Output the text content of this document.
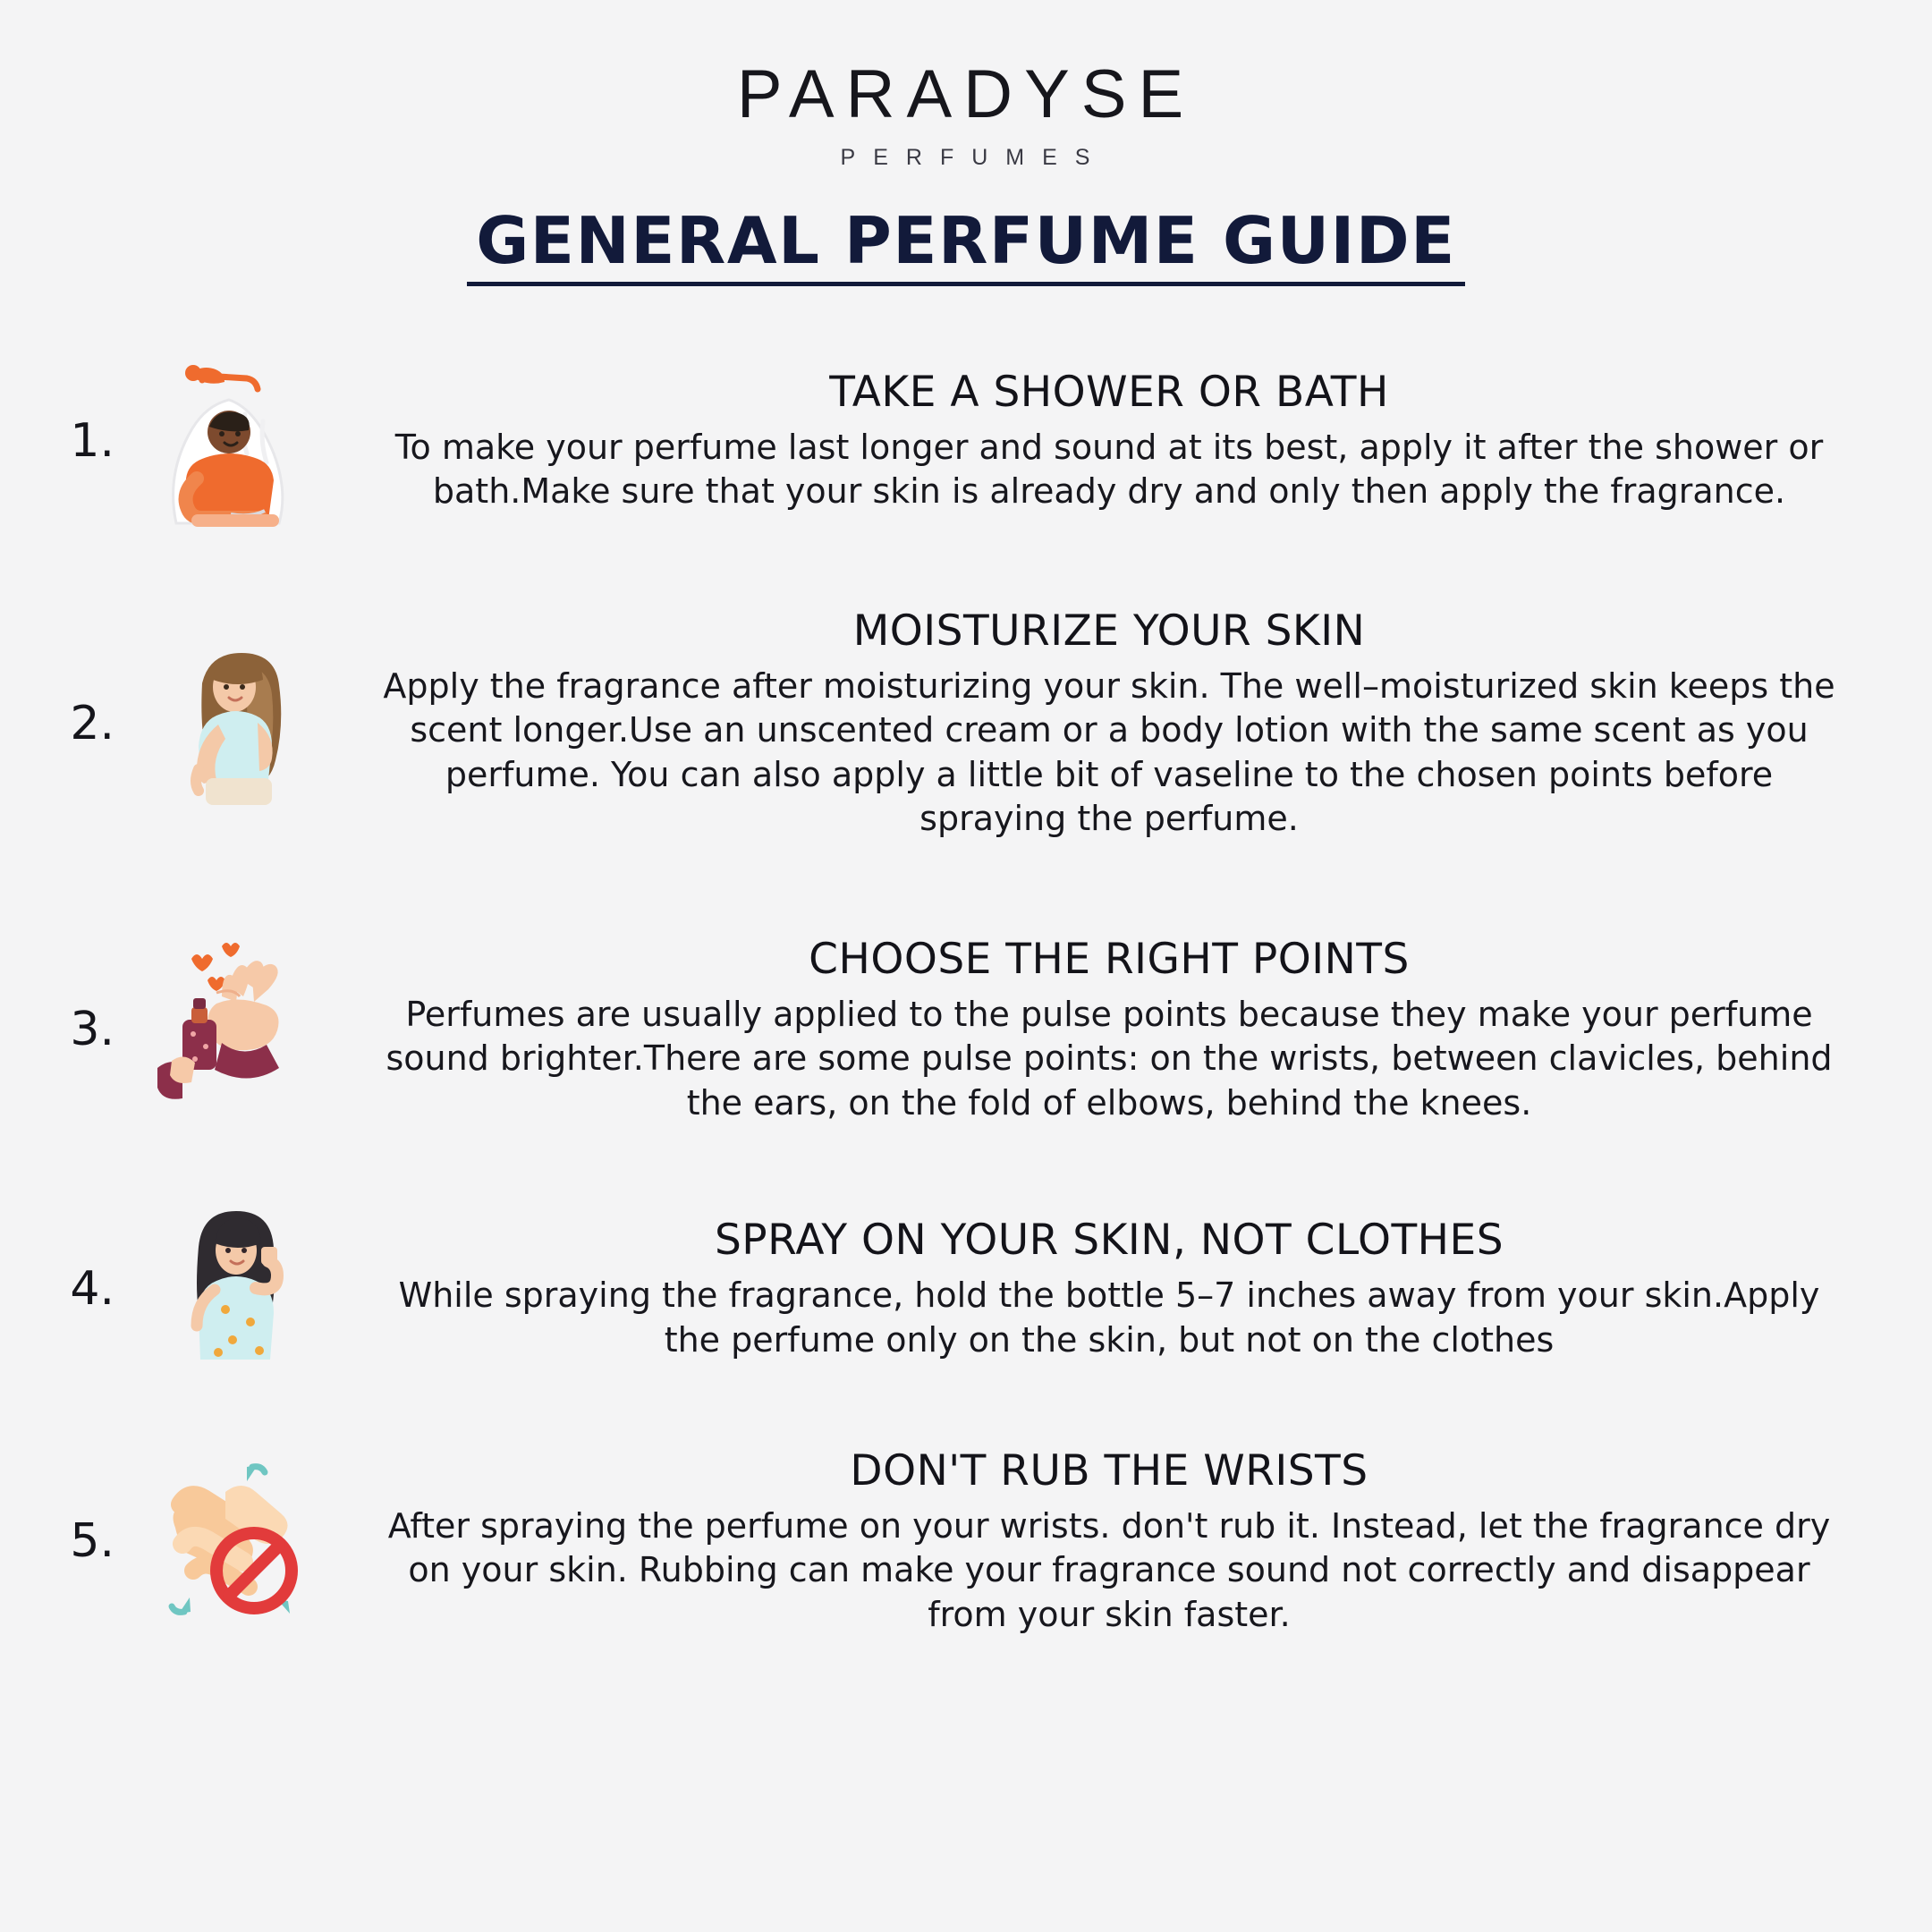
PARADYSE
PERFUMES
GENERAL PERFUME GUIDE
1.
TAKE A SHOWER OR BATH
To make your perfume last longer and sound at its best, apply it after the shower or bath.Make sure that your skin is already dry and only then apply the fragrance.
2.
MOISTURIZE YOUR SKIN
Apply the fragrance after moisturizing your skin. The well–moisturized skin keeps the scent longer.Use an unscented cream or a body lotion with the same scent as you perfume. You can also apply a little bit of vaseline to the chosen points before spraying the perfume.
3.
CHOOSE THE RIGHT POINTS
Perfumes are usually applied to the pulse points because they make your perfume sound brighter.There are some pulse points: on the wrists, between clavicles, behind the ears, on the fold of elbows, behind the knees.
4.
SPRAY ON YOUR SKIN, NOT CLOTHES
While spraying the fragrance, hold the bottle 5–7 inches away from your skin.Apply the perfume only on the skin, but not on the clothes
5.
DON'T RUB THE WRISTS
After spraying the perfume on your wrists. don't rub it. Instead, let the fragrance dry on your skin. Rubbing can make your fragrance sound not correctly and disappear from your skin faster.
